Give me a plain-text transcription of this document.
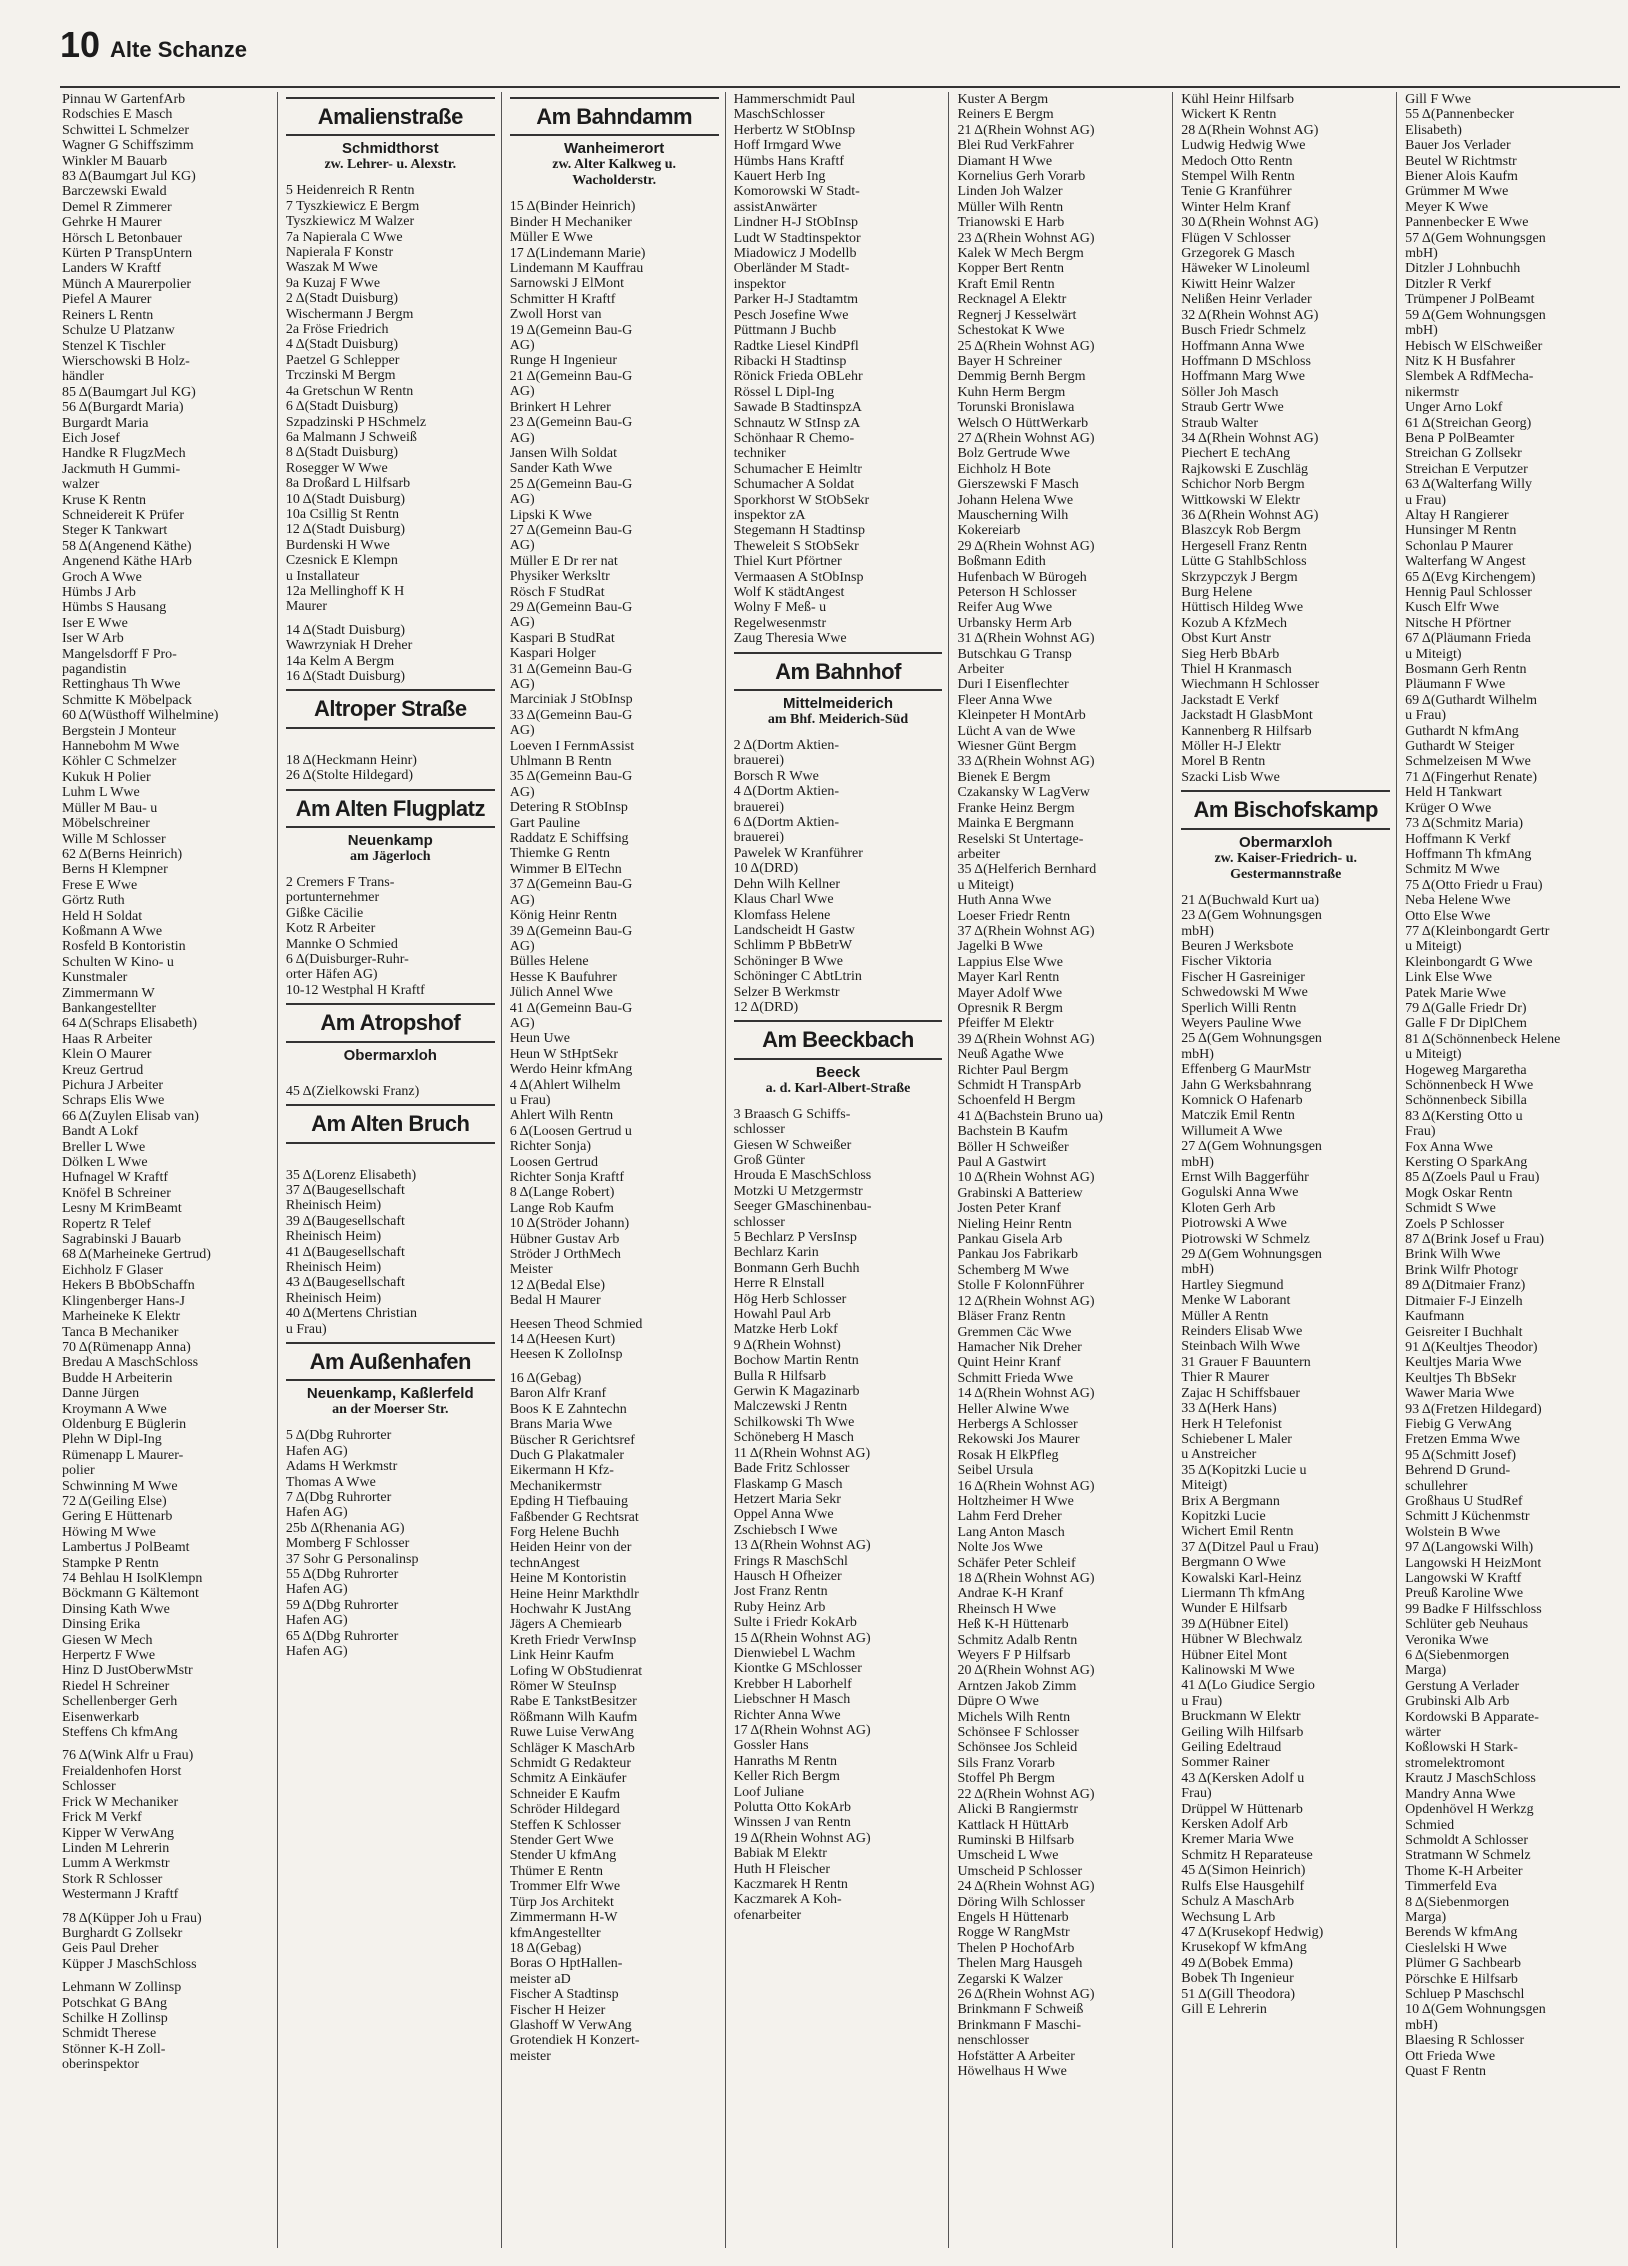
10 Alte Schanze
Pinnau W GartenfArb
Rodschies E Masch
Schwittei L Schmelzer
Wagner G Schiffszimm
Winkler M Bauarb
83 Δ(Baumgart Jul KG)
Barczewski Ewald
Demel R Zimmerer
Gehrke H Maurer
Hörsch L Betonbauer
Kürten P TranspUntern
Landers W Kraftf
Münch A Maurerpolier
Piefel A Maurer
Reiners L Rentn
Schulze U Platzanw
Stenzel K Tischler
Wierschowski B Holz-
händler
85 Δ(Baumgart Jul KG)
56 Δ(Burgardt Maria)
Burgardt Maria
Eich Josef
Handke R FlugzMech
Jackmuth H Gummi-
walzer
Kruse K Rentn
Schneidereit K Prüfer
Steger K Tankwart
58 Δ(Angenend Käthe)
Angenend Käthe HArb
Groch A Wwe
Hümbs J Arb
Hümbs S Hausang
Iser E Wwe
Iser W Arb
Mangelsdorff F Pro-
pagandistin
Rettinghaus Th Wwe
Schmitte K Möbelpack
60 Δ(Wüsthoff Wilhelmine)
Bergstein J Monteur
Hannebohm M Wwe
Köhler C Schmelzer
Kukuk H Polier
Luhm L Wwe
Müller M Bau- u
Möbelschreiner
Wille M Schlosser
62 Δ(Berns Heinrich)
Berns H Klempner
Frese E Wwe
Görtz Ruth
Held H Soldat
Koßmann A Wwe
Rosfeld B Kontoristin
Schulten W Kino- u
Kunstmaler
Zimmermann W
Bankangestellter
64 Δ(Schraps Elisabeth)
Haas R Arbeiter
Klein O Maurer
Kreuz Gertrud
Pichura J Arbeiter
Schraps Elis Wwe
66 Δ(Zuylen Elisab van)
Bandt A Lokf
Breller L Wwe
Dölken L Wwe
Hufnagel W Kraftf
Knöfel B Schreiner
Lesny M KrimBeamt
Ropertz R Telef
Sagrabinski J Bauarb
68 Δ(Marheineke Gertrud)
Eichholz F Glaser
Hekers B BbObSchaffn
Klingenberger Hans-J
Marheineke K Elektr
Tanca B Mechaniker
70 Δ(Rümenapp Anna)
Bredau A MaschSchloss
Budde H Arbeiterin
Danne Jürgen
Kroymann A Wwe
Oldenburg E Büglerin
Plehn W Dipl-Ing
Rümenapp L Maurer-
polier
Schwinning M Wwe
72 Δ(Geiling Else)
Gering E Hüttenarb
Höwing M Wwe
Lambertus J PolBeamt
Stampke P Rentn
74 Behlau H IsolKlempn
Böckmann G Kältemont
Dinsing Kath Wwe
Dinsing Erika
Giesen W Mech
Herpertz F Wwe
Hinz D JustOberwMstr
Riedel H Schreiner
Schellenberger Gerh
Eisenwerkarb
Steffens Ch kfmAng
76 Δ(Wink Alfr u Frau)
Freialdenhofen Horst
Schlosser
Frick W Mechaniker
Frick M Verkf
Kipper W VerwAng
Linden M Lehrerin
Lumm A Werkmstr
Stork R Schlosser
Westermann J Kraftf
78 Δ(Küpper Joh u Frau)
Burghardt G Zollsekr
Geis Paul Dreher
Küpper J MaschSchloss
Lehmann W Zollinsp
Potschkat G BAng
Schilke H Zollinsp
Schmidt Therese
Stönner K-H Zoll-
oberinspektor
Amalienstraße
Schmidthorst
zw. Lehrer- u. Alexstr.
5 Heidenreich R Rentn
7 Tyszkiewicz E Bergm
Tyszkiewicz M Walzer
7a Napierala C Wwe
Napierala F Konstr
Waszak M Wwe
9a Kuzaj F Wwe
2 Δ(Stadt Duisburg)
Wischermann J Bergm
2a Fröse Friedrich
4 Δ(Stadt Duisburg)
Paetzel G Schlepper
Trczinski M Bergm
4a Gretschun W Rentn
6 Δ(Stadt Duisburg)
Szpadzinski P HSchmelz
6a Malmann J Schweiß
8 Δ(Stadt Duisburg)
Rosegger W Wwe
8a Droßard L Hilfsarb
10 Δ(Stadt Duisburg)
10a Csillig St Rentn
12 Δ(Stadt Duisburg)
Burdenski H Wwe
Czesnick E Klempn
u Installateur
12a Mellinghoff K H
Maurer
14 Δ(Stadt Duisburg)
Wawrzyniak H Dreher
14a Kelm A Bergm
16 Δ(Stadt Duisburg)
Altroper Straße
18 Δ(Heckmann Heinr)
26 Δ(Stolte Hildegard)
Am Alten Flugplatz
Neuenkamp
am Jägerloch
2 Cremers F Trans-
portunternehmer
Gißke Cäcilie
Kotz R Arbeiter
Mannke O Schmied
6 Δ(Duisburger-Ruhr-
orter Häfen AG)
10-12 Westphal H Kraftf
Am Atropshof
Obermarxloh
45 Δ(Zielkowski Franz)
Am Alten Bruch
35 Δ(Lorenz Elisabeth)
37 Δ(Baugesellschaft
Rheinisch Heim)
39 Δ(Baugesellschaft
Rheinisch Heim)
41 Δ(Baugesellschaft
Rheinisch Heim)
43 Δ(Baugesellschaft
Rheinisch Heim)
40 Δ(Mertens Christian
u Frau)
Am Außenhafen
Neuenkamp, Kaßlerfeld
an der Moerser Str.
5 Δ(Dbg Ruhrorter
Hafen AG)
Adams H Werkmstr
Thomas A Wwe
7 Δ(Dbg Ruhrorter
Hafen AG)
25b Δ(Rhenania AG)
Momberg F Schlosser
37 Sohr G Personalinsp
55 Δ(Dbg Ruhrorter
Hafen AG)
59 Δ(Dbg Ruhrorter
Hafen AG)
65 Δ(Dbg Ruhrorter
Hafen AG)
Am Bahndamm
Wanheimerort
zw. Alter Kalkweg u. Wacholderstr.
15 Δ(Binder Heinrich)
Binder H Mechaniker
Müller E Wwe
17 Δ(Lindemann Marie)
Lindemann M Kauffrau
Sarnowski J ElMont
Schmitter H Kraftf
Zwoll Horst van
19 Δ(Gemeinn Bau-G
AG)
Runge H Ingenieur
21 Δ(Gemeinn Bau-G
AG)
Brinkert H Lehrer
23 Δ(Gemeinn Bau-G
AG)
Jansen Wilh Soldat
Sander Kath Wwe
25 Δ(Gemeinn Bau-G
AG)
Lipski K Wwe
27 Δ(Gemeinn Bau-G
AG)
Müller E Dr rer nat
Physiker Werksltr
Rösch F StudRat
29 Δ(Gemeinn Bau-G
AG)
Kaspari B StudRat
Kaspari Holger
31 Δ(Gemeinn Bau-G
AG)
Marciniak J StObInsp
33 Δ(Gemeinn Bau-G
AG)
Loeven I FernmAssist
Uhlmann B Rentn
35 Δ(Gemeinn Bau-G
AG)
Detering R StObInsp
Gart Pauline
Raddatz E Schiffsing
Thiemke G Rentn
Wimmer B ElTechn
37 Δ(Gemeinn Bau-G
AG)
König Heinr Rentn
39 Δ(Gemeinn Bau-G
AG)
Bülles Helene
Hesse K Baufuhrer
Jülich Annel Wwe
41 Δ(Gemeinn Bau-G
AG)
Heun Uwe
Heun W StHptSekr
Werdo Heinr kfmAng
4 Δ(Ahlert Wilhelm
u Frau)
Ahlert Wilh Rentn
6 Δ(Loosen Gertrud u
Richter Sonja)
Loosen Gertrud
Richter Sonja Kraftf
8 Δ(Lange Robert)
Lange Rob Kaufm
10 Δ(Ströder Johann)
Hübner Gustav Arb
Ströder J OrthMech
Meister
12 Δ(Bedal Else)
Bedal H Maurer
Heesen Theod Schmied
14 Δ(Heesen Kurt)
Heesen K ZolloInsp
16 Δ(Gebag)
Baron Alfr Kranf
Boos K E Zahntechn
Brans Maria Wwe
Büscher R Gerichtsref
Duch G Plakatmaler
Eikermann H Kfz-
Mechanikermstr
Epding H Tiefbauing
Faßbender G Rechtsrat
Forg Helene Buchh
Heiden Heinr von der
technAngest
Heine M Kontoristin
Heine Heinr Markthdlr
Hochwahr K JustAng
Jägers A Chemiearb
Kreth Friedr VerwInsp
Link Heinr Kaufm
Lofing W ObStudienrat
Römer W SteuInsp
Rabe E TankstBesitzer
Rößmann Wilh Kaufm
Ruwe Luise VerwAng
Schläger K MaschArb
Schmidt G Redakteur
Schmitz A Einkäufer
Schneider E Kaufm
Schröder Hildegard
Steffen K Schlosser
Stender Gert Wwe
Stender U kfmAng
Thümer E Rentn
Trommer Elfr Wwe
Türp Jos Architekt
Zimmermann H-W
kfmAngestellter
18 Δ(Gebag)
Boras O HptHallen-
meister aD
Fischer A Stadtinsp
Fischer H Heizer
Glashoff W VerwAng
Grotendiek H Konzert-
meister
Hammerschmidt Paul
MaschSchlosser
Herbertz W StObInsp
Hoff Irmgard Wwe
Hümbs Hans Kraftf
Kauert Herb Ing
Komorowski W Stadt-
assistAnwärter
Lindner H-J StObInsp
Ludt W Stadtinspektor
Miadowicz J Modellb
Oberländer M Stadt-
inspektor
Parker H-J Stadtamtm
Pesch Josefine Wwe
Püttmann J Buchb
Radtke Liesel KindPfl
Ribacki H Stadtinsp
Rönick Frieda OBLehr
Rössel L Dipl-Ing
Sawade B StadtinspzA
Schnautz W StInsp zA
Schönhaar R Chemo-
techniker
Schumacher E Heimltr
Schumacher A Soldat
Sporkhorst W StObSekr
inspektor zA
Stegemann H Stadtinsp
Theweleit S StObSekr
Thiel Kurt Pförtner
Vermaasen A StObInsp
Wolf K städtAngest
Wolny F Meß- u
Regelwesenmstr
Zaug Theresia Wwe
Am Bahnhof
Mittelmeiderich
am Bhf. Meiderich-Süd
2 Δ(Dortm Aktien-
brauerei)
Borsch R Wwe
4 Δ(Dortm Aktien-
brauerei)
6 Δ(Dortm Aktien-
brauerei)
Pawelek W Kranführer
10 Δ(DRD)
Dehn Wilh Kellner
Klaus Charl Wwe
Klomfass Helene
Landscheidt H Gastw
Schlimm P BbBetrW
Schöninger B Wwe
Schöninger C AbtLtrin
Selzer B Werkmstr
12 Δ(DRD)
Am Beeckbach
Beeck
a. d. Karl-Albert-Straße
3 Braasch G Schiffs-
schlosser
Giesen W Schweißer
Groß Günter
Hrouda E MaschSchloss
Motzki U Metzgermstr
Seeger GMaschinenbau-
schlosser
5 Bechlarz P VersInsp
Bechlarz Karin
Bonmann Gerh Buchh
Herre R Elnstall
Hög Herb Schlosser
Howahl Paul Arb
Matzke Herb Lokf
9 Δ(Rhein Wohnst)
Bochow Martin Rentn
Bulla R Hilfsarb
Gerwin K Magazinarb
Malczewski J Rentn
Schilkowski Th Wwe
Schöneberg H Masch
11 Δ(Rhein Wohnst AG)
Bade Fritz Schlosser
Flaskamp G Masch
Hetzert Maria Sekr
Oppel Anna Wwe
Zschiebsch I Wwe
13 Δ(Rhein Wohnst AG)
Frings R MaschSchl
Hausch H Ofheizer
Jost Franz Rentn
Ruby Heinz Arb
Sulte i Friedr KokArb
15 Δ(Rhein Wohnst AG)
Dienwiebel L Wachm
Kiontke G MSchlosser
Krebber H Laborhelf
Liebschner H Masch
Richter Anna Wwe
17 Δ(Rhein Wohnst AG)
Gossler Hans
Hanraths M Rentn
Keller Rich Bergm
Loof Juliane
Polutta Otto KokArb
Winssen J van Rentn
19 Δ(Rhein Wohnst AG)
Babiak M Elektr
Huth H Fleischer
Kaczmarek H Rentn
Kaczmarek A Koh-
ofenarbeiter
Kuster A Bergm
Reiners E Bergm
21 Δ(Rhein Wohnst AG)
Blei Rud VerkFahrer
Diamant H Wwe
Kornelius Gerh Vorarb
Linden Joh Walzer
Müller Wilh Rentn
Trianowski E Harb
23 Δ(Rhein Wohnst AG)
Kalek W Mech Bergm
Kopper Bert Rentn
Kraft Emil Rentn
Recknagel A Elektr
Regnerj J Kesselwärt
Schestokat K Wwe
25 Δ(Rhein Wohnst AG)
Bayer H Schreiner
Demmig Bernh Bergm
Kuhn Herm Bergm
Torunski Bronislawa
Welsch O HüttWerkarb
27 Δ(Rhein Wohnst AG)
Bolz Gertrude Wwe
Eichholz H Bote
Gierszewski F Masch
Johann Helena Wwe
Mauscherning Wilh
Kokereiarb
29 Δ(Rhein Wohnst AG)
Boßmann Edith
Hufenbach W Bürogeh
Peterson H Schlosser
Reifer Aug Wwe
Urbansky Herm Arb
31 Δ(Rhein Wohnst AG)
Butschkau G Transp
Arbeiter
Duri I Eisenflechter
Fleer Anna Wwe
Kleinpeter H MontArb
Lücht A van de Wwe
Wiesner Günt Bergm
33 Δ(Rhein Wohnst AG)
Bienek E Bergm
Czakansky W LagVerw
Franke Heinz Bergm
Mainka E Bergmann
Reselski St Untertage-
arbeiter
35 Δ(Helferich Bernhard
u Miteigt)
Huth Anna Wwe
Loeser Friedr Rentn
37 Δ(Rhein Wohnst AG)
Jagelki B Wwe
Lappius Else Wwe
Mayer Karl Rentn
Mayer Adolf Wwe
Opresnik R Bergm
Pfeiffer M Elektr
39 Δ(Rhein Wohnst AG)
Neuß Agathe Wwe
Richter Paul Bergm
Schmidt H TranspArb
Schoenfeld H Bergm
41 Δ(Bachstein Bruno ua)
Bachstein B Kaufm
Böller H Schweißer
Paul A Gastwirt
10 Δ(Rhein Wohnst AG)
Grabinski A Batteriew
Josten Peter Kranf
Nieling Heinr Rentn
Pankau Gisela Arb
Pankau Jos Fabrikarb
Schemberg M Wwe
Stolle F KolonnFührer
12 Δ(Rhein Wohnst AG)
Bläser Franz Rentn
Gremmen Cäc Wwe
Hamacher Nik Dreher
Quint Heinr Kranf
Schmitt Frieda Wwe
14 Δ(Rhein Wohnst AG)
Heller Alwine Wwe
Herbergs A Schlosser
Rekowski Jos Maurer
Rosak H ElkPfleg
Seibel Ursula
16 Δ(Rhein Wohnst AG)
Holtzheimer H Wwe
Lahm Ferd Dreher
Lang Anton Masch
Nolte Jos Wwe
Schäfer Peter Schleif
18 Δ(Rhein Wohnst AG)
Andrae K-H Kranf
Rheinsch H Wwe
Heß K-H Hüttenarb
Schmitz Adalb Rentn
Weyers F P Hilfsarb
20 Δ(Rhein Wohnst AG)
Arntzen Jakob Zimm
Düpre O Wwe
Michels Wilh Rentn
Schönsee F Schlosser
Schönsee Jos Schleid
Sils Franz Vorarb
Stoffel Ph Bergm
22 Δ(Rhein Wohnst AG)
Alicki B Rangiermstr
Kattlack H HüttArb
Ruminski B Hilfsarb
Umscheid L Wwe
Umscheid P Schlosser
24 Δ(Rhein Wohnst AG)
Döring Wilh Schlosser
Engels H Hüttenarb
Rogge W RangMstr
Thelen P HochofArb
Thelen Marg Hausgeh
Zegarski K Walzer
26 Δ(Rhein Wohnst AG)
Brinkmann F Schweiß
Brinkmann F Maschi-
nenschlosser
Hofstätter A Arbeiter
Höwelhaus H Wwe
Kühl Heinr Hilfsarb
Wickert K Rentn
28 Δ(Rhein Wohnst AG)
Ludwig Hedwig Wwe
Medoch Otto Rentn
Stempel Wilh Rentn
Tenie G Kranführer
Winter Helm Kranf
30 Δ(Rhein Wohnst AG)
Flügen V Schlosser
Grzegorek G Masch
Häweker W Linoleuml
Kiwitt Heinr Walzer
Nelißen Heinr Verlader
32 Δ(Rhein Wohnst AG)
Busch Friedr Schmelz
Hoffmann Anna Wwe
Hoffmann D MSchloss
Hoffmann Marg Wwe
Söller Joh Masch
Straub Gertr Wwe
Straub Walter
34 Δ(Rhein Wohnst AG)
Piechert E techAng
Rajkowski E Zuschläg
Schichor Norb Bergm
Wittkowski W Elektr
36 Δ(Rhein Wohnst AG)
Blaszcyk Rob Bergm
Hergesell Franz Rentn
Lütte G StahlbSchloss
Skrzypczyk J Bergm
Burg Helene
Hüttisch Hildeg Wwe
Kozub A KfzMech
Obst Kurt Anstr
Sieg Herb BbArb
Thiel H Kranmasch
Wiechmann H Schlosser
Jackstadt E Verkf
Jackstadt H GlasbMont
Kannenberg R Hilfsarb
Möller H-J Elektr
Morel B Rentn
Szacki Lisb Wwe
Am Bischofskamp
Obermarxloh
zw. Kaiser-Friedrich- u. Gestermannstraße
21 Δ(Buchwald Kurt ua)
23 Δ(Gem Wohnungsgen
mbH)
Beuren J Werksbote
Fischer Viktoria
Fischer H Gasreiniger
Schwedowski M Wwe
Sperlich Willi Rentn
Weyers Pauline Wwe
25 Δ(Gem Wohnungsgen
mbH)
Effenberg G MaurMstr
Jahn G Werksbahnrang
Komnick O Hafenarb
Matczik Emil Rentn
Willumeit A Wwe
27 Δ(Gem Wohnungsgen
mbH)
Ernst Wilh Baggerführ
Gogulski Anna Wwe
Kloten Gerh Arb
Piotrowski A Wwe
Piotrowski W Schmelz
29 Δ(Gem Wohnungsgen
mbH)
Hartley Siegmund
Menke W Laborant
Müller A Rentn
Reinders Elisab Wwe
Steinbach Wilh Wwe
31 Grauer F Bauuntern
Thier R Maurer
Zajac H Schiffsbauer
33 Δ(Herk Hans)
Herk H Telefonist
Schiebener L Maler
u Anstreicher
35 Δ(Kopitzki Lucie u
Miteigt)
Brix A Bergmann
Kopitzki Lucie
Wichert Emil Rentn
37 Δ(Ditzel Paul u Frau)
Bergmann O Wwe
Kowalski Karl-Heinz
Liermann Th kfmAng
Wunder E Hilfsarb
39 Δ(Hübner Eitel)
Hübner W Blechwalz
Hübner Eitel Mont
Kalinowski M Wwe
41 Δ(Lo Giudice Sergio
u Frau)
Bruckmann W Elektr
Geiling Wilh Hilfsarb
Geiling Edeltraud
Sommer Rainer
43 Δ(Kersken Adolf u
Frau)
Drüppel W Hüttenarb
Kersken Adolf Arb
Kremer Maria Wwe
Schmitz H Reparateuse
45 Δ(Simon Heinrich)
Rulfs Else Hausgehilf
Schulz A MaschArb
Wechsung L Arb
47 Δ(Krusekopf Hedwig)
Krusekopf W kfmAng
49 Δ(Bobek Emma)
Bobek Th Ingenieur
51 Δ(Gill Theodora)
Gill E Lehrerin
Gill F Wwe
55 Δ(Pannenbecker
Elisabeth)
Bauer Jos Verlader
Beutel W Richtmstr
Biener Alois Kaufm
Grümmer M Wwe
Meyer K Wwe
Pannenbecker E Wwe
57 Δ(Gem Wohnungsgen
mbH)
Ditzler J Lohnbuchh
Ditzler R Verkf
Trümpener J PolBeamt
59 Δ(Gem Wohnungsgen
mbH)
Hebisch W ElSchweißer
Nitz K H Busfahrer
Slembek A RdfMecha-
nikermstr
Unger Arno Lokf
61 Δ(Streichan Georg)
Bena P PolBeamter
Streichan G Zollsekr
Streichan E Verputzer
63 Δ(Walterfang Willy
u Frau)
Altay H Rangierer
Hunsinger M Rentn
Schonlau P Maurer
Walterfang W Angest
65 Δ(Evg Kirchengem)
Hennig Paul Schlosser
Kusch Elfr Wwe
Nitsche H Pförtner
67 Δ(Pläumann Frieda
u Miteigt)
Bosmann Gerh Rentn
Pläumann F Wwe
69 Δ(Guthardt Wilhelm
u Frau)
Guthardt N kfmAng
Guthardt W Steiger
Schmelzeisen M Wwe
71 Δ(Fingerhut Renate)
Held H Tankwart
Krüger O Wwe
73 Δ(Schmitz Maria)
Hoffmann K Verkf
Hoffmann Th kfmAng
Schmitz M Wwe
75 Δ(Otto Friedr u Frau)
Neba Helene Wwe
Otto Else Wwe
77 Δ(Kleinbongardt Gertr
u Miteigt)
Kleinbongardt G Wwe
Link Else Wwe
Patek Marie Wwe
79 Δ(Galle Friedr Dr)
Galle F Dr DiplChem
81 Δ(Schönnenbeck Helene
u Miteigt)
Hogeweg Margaretha
Schönnenbeck H Wwe
Schönnenbeck Sibilla
83 Δ(Kersting Otto u
Frau)
Fox Anna Wwe
Kersting O SparkAng
85 Δ(Zoels Paul u Frau)
Mogk Oskar Rentn
Schmidt S Wwe
Zoels P Schlosser
87 Δ(Brink Josef u Frau)
Brink Wilh Wwe
Brink Wilfr Photogr
89 Δ(Ditmaier Franz)
Ditmaier F-J Einzelh
Kaufmann
Geisreiter I Buchhalt
91 Δ(Keultjes Theodor)
Keultjes Maria Wwe
Keultjes Th BbSekr
Wawer Maria Wwe
93 Δ(Fretzen Hildegard)
Fiebig G VerwAng
Fretzen Emma Wwe
95 Δ(Schmitt Josef)
Behrend D Grund-
schullehrer
Großhaus U StudRef
Schmitt J Küchenmstr
Wolstein B Wwe
97 Δ(Langowski Wilh)
Langowski H HeizMont
Langowski W Kraftf
Preuß Karoline Wwe
99 Badke F Hilfsschloss
Schlüter geb Neuhaus
Veronika Wwe
6 Δ(Siebenmorgen
Marga)
Gerstung A Verlader
Grubinski Alb Arb
Kordowski B Apparate-
wärter
Koßlowski H Stark-
stromelektromont
Krautz J MaschSchloss
Mandry Anna Wwe
Opdenhövel H Werkzg
Schmied
Schmoldt A Schlosser
Stratmann W Schmelz
Thome K-H Arbeiter
Timmerfeld Eva
8 Δ(Siebenmorgen
Marga)
Berends W kfmAng
Cieslelski H Wwe
Plümer G Sachbearb
Pörschke E Hilfsarb
Schluep P Maschschl
10 Δ(Gem Wohnungsgen
mbH)
Blaesing R Schlosser
Ott Frieda Wwe
Quast F Rentn
